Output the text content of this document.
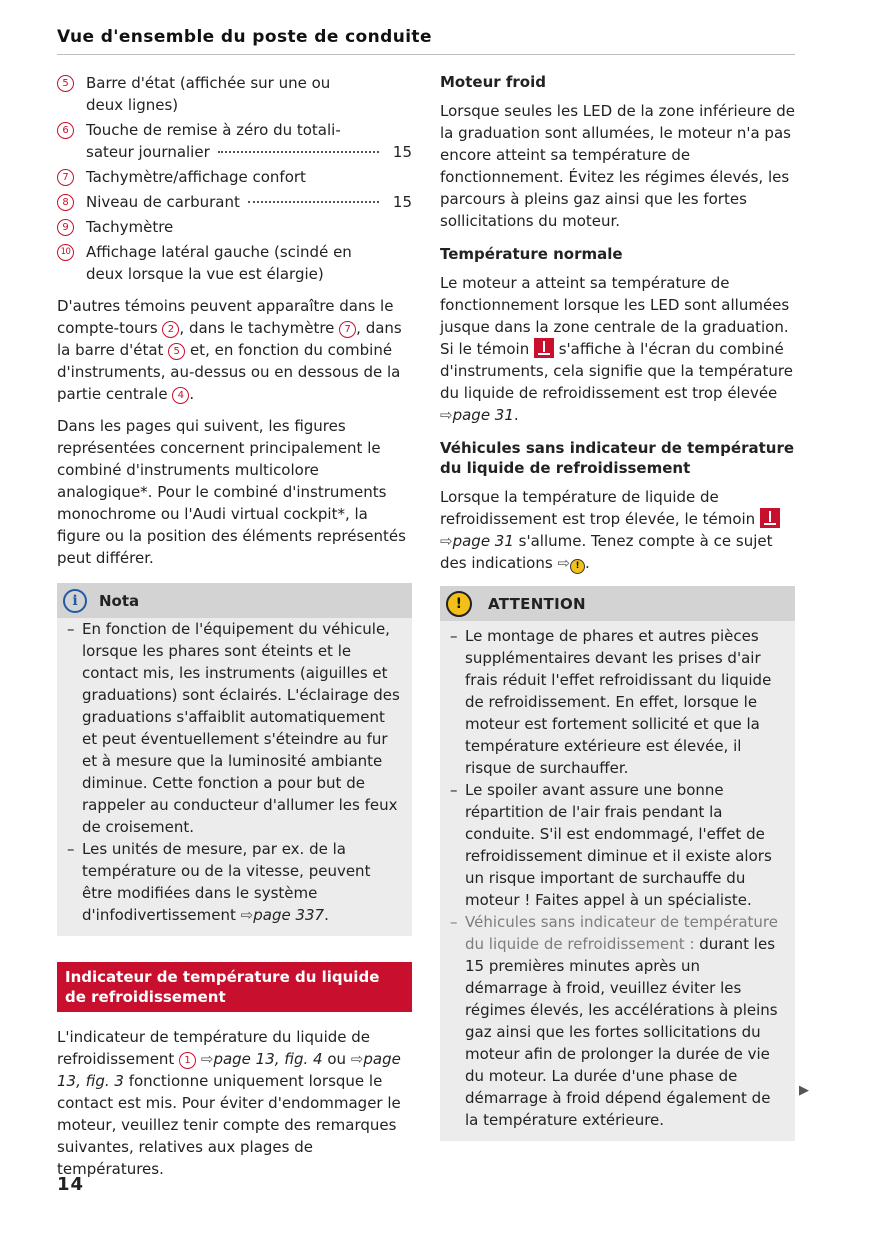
Vue d'ensemble du poste de conduite
5	Barre d'état (affichée sur une ou
deux lignes)
6	Touche de remise à zéro du totali-
sateur journalier	15
7	Tachymètre/affichage confort
8	Niveau de carburant	15
9	Tachymètre
10 Affichage latéral gauche (scindé en
deux lorsque la vue est élargie)

D'autres témoins peuvent apparaître dans le compte-tours 2 , dans le tachymètre 7 , dans la barre d'état 5 et, en fonction du combiné d'instruments, au-dessus ou en dessous de la partie centrale 4 .

Dans les pages qui suivent, les figures représentées concernent principalement le combiné d'instruments multicolore analogique*. Pour le combiné d'instruments monochrome ou l'Audi virtual cockpit*, la figure ou la position des éléments représentés peut différer.

i	Nota
– En fonction de l'équipement du véhicule, lorsque les phares sont éteints et le contact mis, les instruments (aiguilles et graduations) sont éclairés. L'éclairage des graduations s'affaiblit automatiquement et peut éventuellement s'éteindre au fur et à mesure que la luminosité ambiante diminue. Cette fonction a pour but de rappeler au conducteur d'allumer les feux de croisement.
– Les unités de mesure, par ex. de la température ou de la vitesse, peuvent être modifiées dans le système d'infodivertissement ⇨page 337.
Indicateur de température du liquide de refroidissement

L'indicateur de température du liquide de refroidissement 1 ⇨page 13, fig. 4 ou ⇨page 13, fig. 3 fonctionne uniquement lorsque le contact est mis. Pour éviter d'endommager le moteur, veuillez tenir compte des remarques suivantes, relatives aux plages de températures.

Moteur froid

Lorsque seules les LED de la zone inférieure de la graduation sont allumées, le moteur n'a pas encore atteint sa température de fonctionnement. Évitez les régimes élevés, les parcours à pleins gaz ainsi que les fortes sollicitations du moteur.

Température normale

Le moteur a atteint sa température de fonctionnement lorsque les LED sont allumées jusque dans la zone centrale de la graduation. Si le témoin  s'affiche à l'écran du combiné d'instruments, cela signifie que la température du liquide de refroidissement est trop élevée ⇨page 31.

Véhicules sans indicateur de température du liquide de refroidissement

Lorsque la température de liquide de refroidissement est trop élevée, le témoin  ⇨page 31 s'allume. Tenez compte à ce sujet des indications ⇨ ! .

!	ATTENTION
– Le montage de phares et autres pièces supplémentaires devant les prises d'air frais réduit l'effet refroidissant du liquide de refroidissement. En effet, lorsque le moteur est fortement sollicité et que la température extérieure est élevée, il risque de surchauffer.
– Le spoiler avant assure une bonne répartition de l'air frais pendant la conduite. S'il est endommagé, l'effet de refroidissement diminue et il existe alors un risque important de surchauffe du moteur ! Faites appel à un spécialiste.
– Véhicules sans indicateur de température du liquide de refroidissement : durant les 15 premières minutes après un démarrage à froid, veuillez éviter les régimes élevés, les accélérations à pleins gaz ainsi que les fortes sollicitations du moteur afin de prolonger la durée de vie du moteur. La durée d'une phase de démarrage à froid dépend également de la température extérieure.
▶
14
